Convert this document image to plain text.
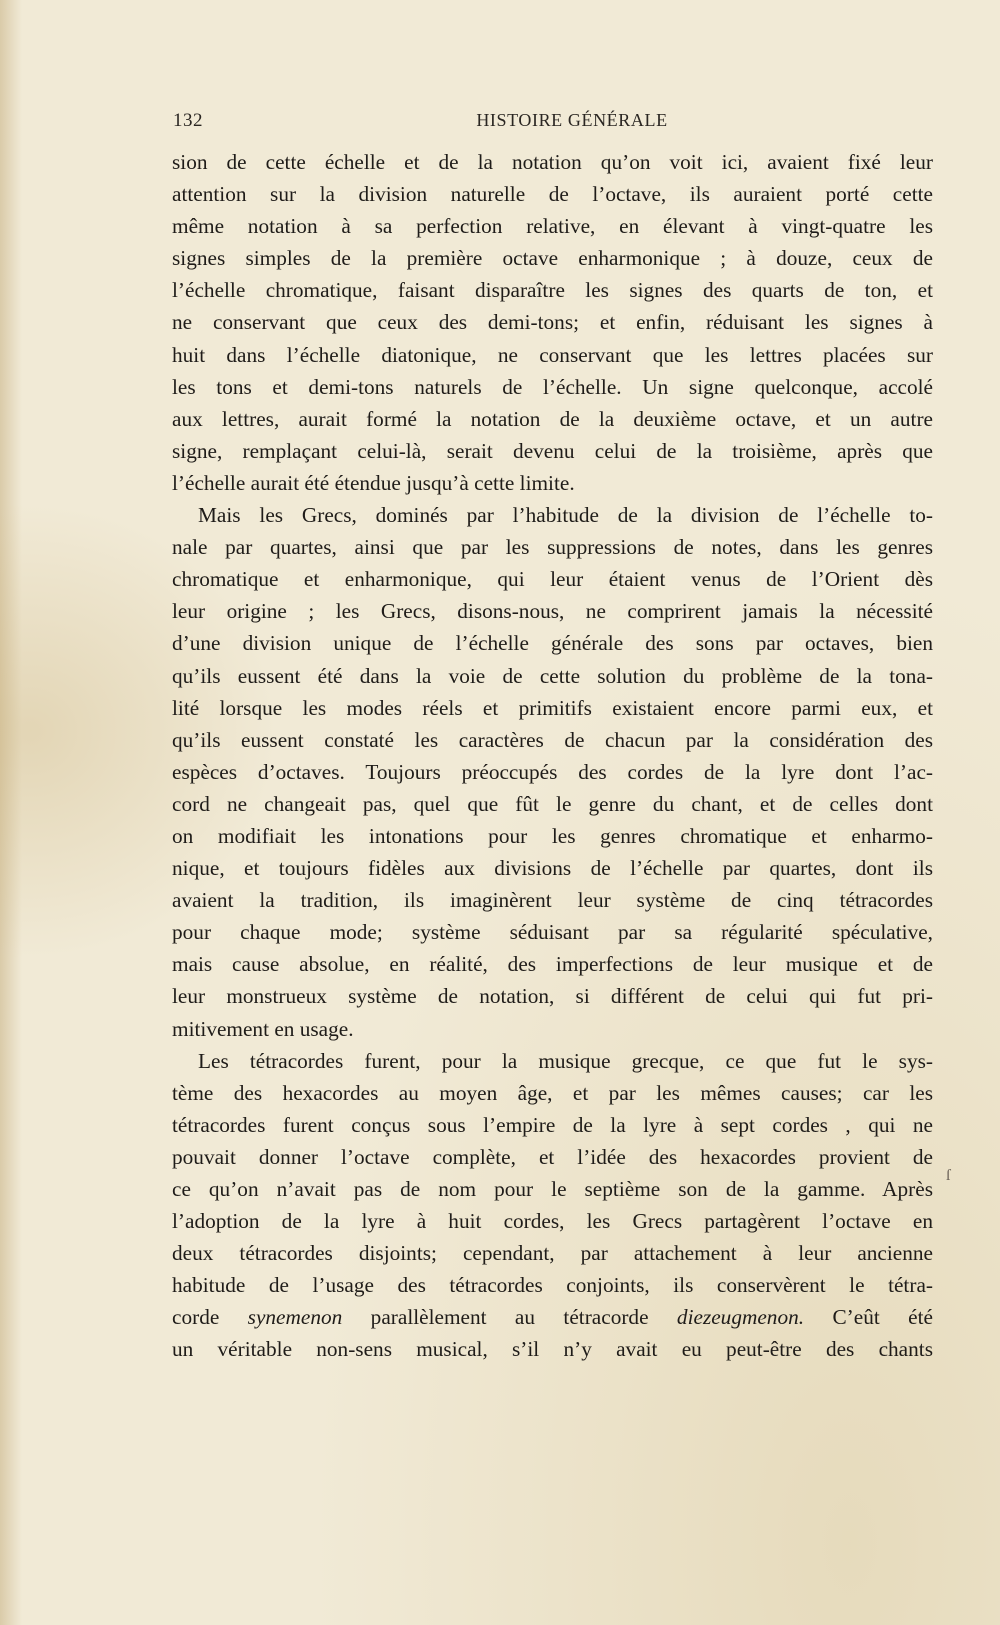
132	HISTOIRE GÉNÉRALE

sion de cette échelle et de la notation qu’on voit ici, avaient fixé leur
attention sur la division naturelle de l’octave, ils auraient porté cette
même notation à sa perfection relative, en élevant à vingt-quatre les
signes simples de la première octave enharmonique ; à douze, ceux de
l’échelle chromatique, faisant disparaître les signes des quarts de ton, et
ne conservant que ceux des demi-tons; et enfin, réduisant les signes à
huit dans l’échelle diatonique, ne conservant que les lettres placées sur
les tons et demi-tons naturels de l’échelle. Un signe quelconque, accolé
aux lettres, aurait formé la notation de la deuxième octave, et un autre
signe, remplaçant celui-là, serait devenu celui de la troisième, après que
l’échelle aurait été étendue jusqu’à cette limite.

Mais les Grecs, dominés par l’habitude de la division de l’échelle to-
nale par quartes, ainsi que par les suppressions de notes, dans les genres
chromatique et enharmonique, qui leur étaient venus de l’Orient dès
leur origine ; les Grecs, disons-nous, ne comprirent jamais la nécessité
d’une division unique de l’échelle générale des sons par octaves, bien
qu’ils eussent été dans la voie de cette solution du problème de la tona-
lité lorsque les modes réels et primitifs existaient encore parmi eux, et
qu’ils eussent constaté les caractères de chacun par la considération des
espèces d’octaves. Toujours préoccupés des cordes de la lyre dont l’ac-
cord ne changeait pas, quel que fût le genre du chant, et de celles dont
on modifiait les intonations pour les genres chromatique et enharmo-
nique, et toujours fidèles aux divisions de l’échelle par quartes, dont ils
avaient la tradition, ils imaginèrent leur système de cinq tétracordes
pour chaque mode; système séduisant par sa régularité spéculative,
mais cause absolue, en réalité, des imperfections de leur musique et de
leur monstrueux système de notation, si différent de celui qui fut pri-
mitivement en usage.

Les tétracordes furent, pour la musique grecque, ce que fut le sys-
tème des hexacordes au moyen âge, et par les mêmes causes; car les
tétracordes furent conçus sous l’empire de la lyre à sept cordes , qui ne
pouvait donner l’octave complète, et l’idée des hexacordes provient de
ce qu’on n’avait pas de nom pour le septième son de la gamme. Après
l’adoption de la lyre à huit cordes, les Grecs partagèrent l’octave en
deux tétracordes disjoints; cependant, par attachement à leur ancienne
habitude de l’usage des tétracordes conjoints, ils conservèrent le tétra-
corde synemenon parallèlement au tétracorde diezeugmenon. C’eût été
un véritable non-sens musical, s’il n’y avait eu peut-être des chants

ſ
